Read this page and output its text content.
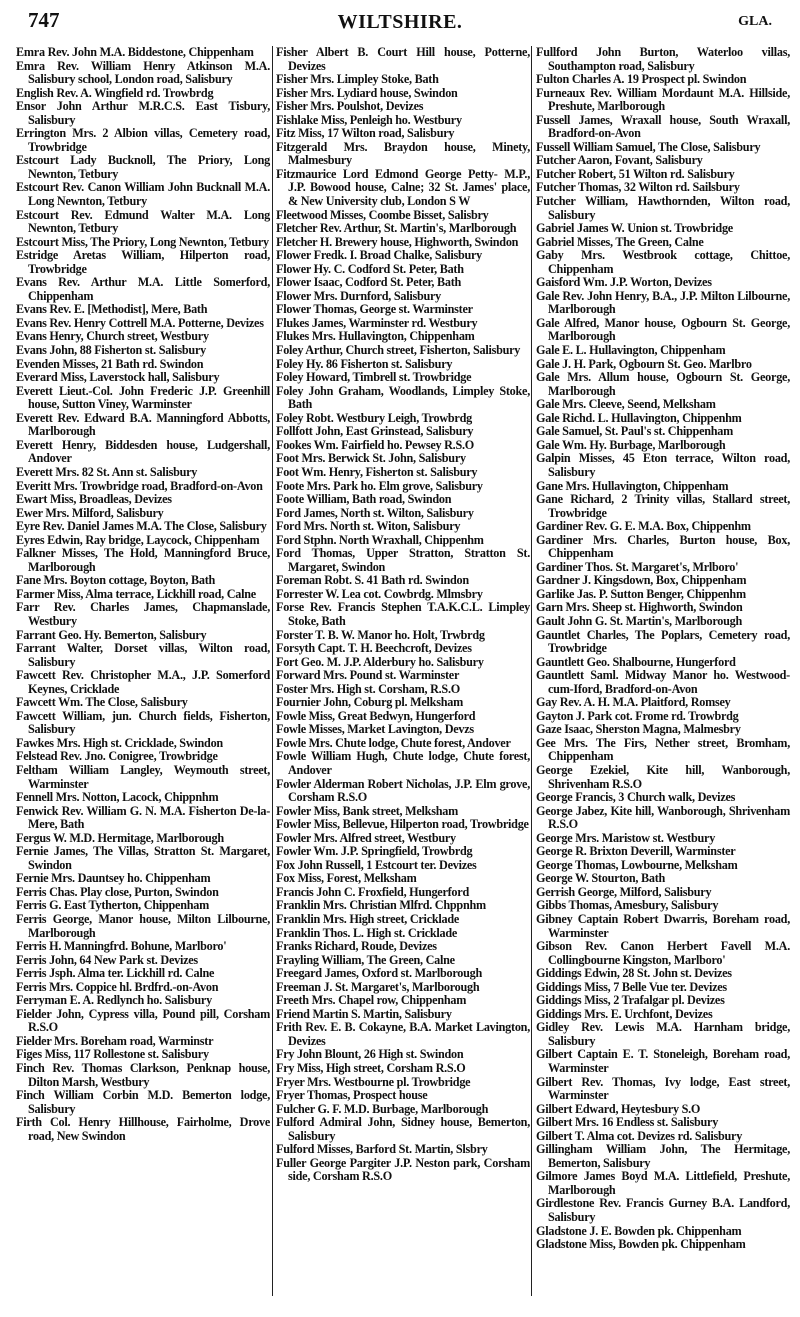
747	WILTSHIRE.	GLA.
Emra Rev. John M.A. Biddestone, Chippenham
Emra Rev. William Henry Atkinson M.A. Salisbury school, London road, Salisbury
English Rev. A. Wingfield rd. Trowbrdg
Ensor John Arthur M.R.C.S. East Tisbury, Salisbury
Errington Mrs. 2 Albion villas, Cemetery road, Trowbridge
Estcourt Lady Bucknoll, The Priory, Long Newnton, Tetbury
Estcourt Rev. Canon William John Bucknall M.A. Long Newnton, Tetbury
Estcourt Rev. Edmund Walter M.A. Long Newnton, Tetbury
Estcourt Miss, The Priory, Long Newnton, Tetbury
Estridge Aretas William, Hilperton road, Trowbridge
Evans Rev. Arthur M.A. Little Somerford, Chippenham
Evans Rev. E. [Methodist], Mere, Bath
Evans Rev. Henry Cottrell M.A. Potterne, Devizes
Evans Henry, Church street, Westbury
Evans John, 88 Fisherton st. Salisbury
Evenden Misses, 21 Bath rd. Swindon
Everard Miss, Laverstock hall, Salisbury
Everett Lieut.-Col. John Frederic J.P. Greenhill house, Sutton Viney, Warminster
Everett Rev. Edward B.A. Manningford Abbotts, Marlborough
Everett Henry, Biddesden house, Ludgershall, Andover
Everett Mrs. 82 St. Ann st. Salisbury
Everitt Mrs. Trowbridge road, Bradford-on-Avon
Ewart Miss, Broadleas, Devizes
Ewer Mrs. Milford, Salisbury
Eyre Rev. Daniel James M.A. The Close, Salisbury
Eyres Edwin, Ray bridge, Laycock, Chippenham
Falkner Misses, The Hold, Manningford Bruce, Marlborough
Fane Mrs. Boyton cottage, Boyton, Bath
Farmer Miss, Alma terrace, Lickhill road, Calne
Farr Rev. Charles James, Chapmanslade, Westbury
Farrant Geo. Hy. Bemerton, Salisbury
Farrant Walter, Dorset villas, Wilton road, Salisbury
Fawcett Rev. Christopher M.A., J.P. Somerford Keynes, Cricklade
Fawcett Wm. The Close, Salisbury
Fawcett William, jun. Church fields, Fisherton, Salisbury
Fawkes Mrs. High st. Cricklade, Swindon
Felstead Rev. Jno. Conigree, Trowbridge
Feltham William Langley, Weymouth street, Warminster
Fennell Mrs. Notton, Lacock, Chippnhm
Fenwick Rev. William G. N. M.A. Fisherton De-la-Mere, Bath
Fergus W. M.D. Hermitage, Marlborough
Fernie James, The Villas, Stratton St. Margaret, Swindon
Fernie Mrs. Dauntsey ho. Chippenham
Ferris Chas. Play close, Purton, Swindon
Ferris G. East Tytherton, Chippenham
Ferris George, Manor house, Milton Lilbourne, Marlborough
Ferris H. Manningfrd. Bohune, Marlboro'
Ferris John, 64 New Park st. Devizes
Ferris Jsph. Alma ter. Lickhill rd. Calne
Ferris Mrs. Coppice hl. Brdfrd.-on-Avon
Ferryman E. A. Redlynch ho. Salisbury
Fielder John, Cypress villa, Pound pill, Corsham R.S.O
Fielder Mrs. Boreham road, Warminstr
Figes Miss, 117 Rollestone st. Salisbury
Finch Rev. Thomas Clarkson, Penknap house, Dilton Marsh, Westbury
Finch William Corbin M.D. Bemerton lodge, Salisbury
Firth Col. Henry Hillhouse, Fairholme, Drove road, New Swindon
Fisher Albert B. Court Hill house, Potterne, Devizes
Fisher Mrs. Limpley Stoke, Bath
Fisher Mrs. Lydiard house, Swindon
Fisher Mrs. Poulshot, Devizes
Fishlake Miss, Penleigh ho. Westbury
Fitz Miss, 17 Wilton road, Salisbury
Fitzgerald Mrs. Braydon house, Minety, Malmesbury
Fitzmaurice Lord Edmond George Petty- M.P., J.P. Bowood house, Calne; 32 St. James' place, & New University club, London S W
Fleetwood Misses, Coombe Bisset, Salisbry
Fletcher Rev. Arthur, St. Martin's, Marlborough
Fletcher H. Brewery house, Highworth, Swindon
Flower Fredk. I. Broad Chalke, Salisbury
Flower Hy. C. Codford St. Peter, Bath
Flower Isaac, Codford St. Peter, Bath
Flower Mrs. Durnford, Salisbury
Flower Thomas, George st. Warminster
Flukes James, Warminster rd. Westbury
Flukes Mrs. Hullavington, Chippenham
Foley Arthur, Church street, Fisherton, Salisbury
Foley Hy. 86 Fisherton st. Salisbury
Foley Howard, Timbrell st. Trowbridge
Foley John Graham, Woodlands, Limpley Stoke, Bath
Foley Robt. Westbury Leigh, Trowbrdg
Follfott John, East Grinstead, Salisbury
Fookes Wm. Fairfield ho. Pewsey R.S.O
Foot Mrs. Berwick St. John, Salisbury
Foot Wm. Henry, Fisherton st. Salisbury
Foote Mrs. Park ho. Elm grove, Salisbury
Foote William, Bath road, Swindon
Ford James, North st. Wilton, Salisbury
Ford Mrs. North st. Witon, Salisbury
Ford Stphn. North Wraxhall, Chippenhm
Ford Thomas, Upper Stratton, Stratton St. Margaret, Swindon
Foreman Robt. S. 41 Bath rd. Swindon
Forrester W. Lea cot. Cowbrdg. Mlmsbry
Forse Rev. Francis Stephen T.A.K.C.L. Limpley Stoke, Bath
Forster T. B. W. Manor ho. Holt, Trwbrdg
Forsyth Capt. T. H. Beechcroft, Devizes
Fort Geo. M. J.P. Alderbury ho. Salisbury
Forward Mrs. Pound st. Warminster
Foster Mrs. High st. Corsham, R.S.O
Fournier John, Coburg pl. Melksham
Fowle Miss, Great Bedwyn, Hungerford
Fowle Misses, Market Lavington, Devzs
Fowle Mrs. Chute lodge, Chute forest, Andover
Fowle William Hugh, Chute lodge, Chute forest, Andover
Fowler Alderman Robert Nicholas, J.P. Elm grove, Corsham R.S.O
Fowler Miss, Bank street, Melksham
Fowler Miss, Bellevue, Hilperton road, Trowbridge
Fowler Mrs. Alfred street, Westbury
Fowler Wm. J.P. Springfield, Trowbrdg
Fox John Russell, 1 Estcourt ter. Devizes
Fox Miss, Forest, Melksham
Francis John C. Froxfield, Hungerford
Franklin Mrs. Christian Mlfrd. Chppnhm
Franklin Mrs. High street, Cricklade
Franklin Thos. L. High st. Cricklade
Franks Richard, Roude, Devizes
Frayling William, The Green, Calne
Freegard James, Oxford st. Marlborough
Freeman J. St. Margaret's, Marlborough
Freeth Mrs. Chapel row, Chippenham
Friend Martin S. Martin, Salisbury
Frith Rev. E. B. Cokayne, B.A. Market Lavington, Devizes
Fry John Blount, 26 High st. Swindon
Fry Miss, High street, Corsham R.S.O
Fryer Mrs. Westbourne pl. Trowbridge
Fryer Thomas, Prospect house
Fulcher G. F. M.D. Burbage, Marlborough
Fulford Admiral John, Sidney house, Bemerton, Salisbury
Fulford Misses, Barford St. Martin, Slsbry
Fuller George Pargiter J.P. Neston park, Corsham side, Corsham R.S.O
Fullford John Burton, Waterloo villas, Southampton road, Salisbury
Fulton Charles A. 19 Prospect pl. Swindon
Furneaux Rev. William Mordaunt M.A. Hillside, Preshute, Marlborough
Fussell James, Wraxall house, South Wraxall, Bradford-on-Avon
Fussell William Samuel, The Close, Salisbury
Futcher Aaron, Fovant, Salisbury
Futcher Robert, 51 Wilton rd. Salisbury
Futcher Thomas, 32 Wilton rd. Sailsbury
Futcher William, Hawthornden, Wilton road, Salisbury
Gabriel James W. Union st. Trowbridge
Gabriel Misses, The Green, Calne
Gaby Mrs. Westbrook cottage, Chittoe, Chippenham
Gaisford Wm. J.P. Worton, Devizes
Gale Rev. John Henry, B.A., J.P. Milton Lilbourne, Marlborough
Gale Alfred, Manor house, Ogbourn St. George, Marlborough
Gale E. L. Hullavington, Chippenham
Gale J. H. Park, Ogbourn St. Geo. Marlbro
Gale Mrs. Allum house, Ogbourn St. George, Marlborough
Gale Mrs. Cleeve, Seend, Melksham
Gale Richd. L. Hullavington, Chippenhm
Gale Samuel, St. Paul's st. Chippenham
Gale Wm. Hy. Burbage, Marlborough
Galpin Misses, 45 Eton terrace, Wilton road, Salisbury
Gane Mrs. Hullavington, Chippenham
Gane Richard, 2 Trinity villas, Stallard street, Trowbridge
Gardiner Rev. G. E. M.A. Box, Chippenhm
Gardiner Mrs. Charles, Burton house, Box, Chippenham
Gardiner Thos. St. Margaret's, Mrlboro'
Gardner J. Kingsdown, Box, Chippenham
Garlike Jas. P. Sutton Benger, Chippenhm
Garn Mrs. Sheep st. Highworth, Swindon
Gault John G. St. Martin's, Marlborough
Gauntlet Charles, The Poplars, Cemetery road, Trowbridge
Gauntlett Geo. Shalbourne, Hungerford
Gauntlett Saml. Midway Manor ho. Westwood-cum-Iford, Bradford-on-Avon
Gay Rev. A. H. M.A. Plaitford, Romsey
Gayton J. Park cot. Frome rd. Trowbrdg
Gaze Isaac, Sherston Magna, Malmesbry
Gee Mrs. The Firs, Nether street, Bromham, Chippenham
George Ezekiel, Kite hill, Wanborough, Shrivenham R.S.O
George Francis, 3 Church walk, Devizes
George Jabez, Kite hill, Wanborough, Shrivenham R.S.O
George Mrs. Maristow st. Westbury
George R. Brixton Deverill, Warminster
George Thomas, Lowbourne, Melksham
George W. Stourton, Bath
Gerrish George, Milford, Salisbury
Gibbs Thomas, Amesbury, Salisbury
Gibney Captain Robert Dwarris, Boreham road, Warminster
Gibson Rev. Canon Herbert Favell M.A. Collingbourne Kingston, Marlboro'
Giddings Edwin, 28 St. John st. Devizes
Giddings Miss, 7 Belle Vue ter. Devizes
Giddings Miss, 2 Trafalgar pl. Devizes
Giddings Mrs. E. Urchfont, Devizes
Gidley Rev. Lewis M.A. Harnham bridge, Salisbury
Gilbert Captain E. T. Stoneleigh, Boreham road, Warminster
Gilbert Rev. Thomas, Ivy lodge, East street, Warminster
Gilbert Edward, Heytesbury S.O
Gilbert Mrs. 16 Endless st. Salisbury
Gilbert T. Alma cot. Devizes rd. Salisbury
Gillingham William John, The Hermitage, Bemerton, Salisbury
Gilmore James Boyd M.A. Littlefield, Preshute, Marlborough
Girdlestone Rev. Francis Gurney B.A. Landford, Salisbury
Gladstone J. E. Bowden pk. Chippenham
Gladstone Miss, Bowden pk. Chippenham
